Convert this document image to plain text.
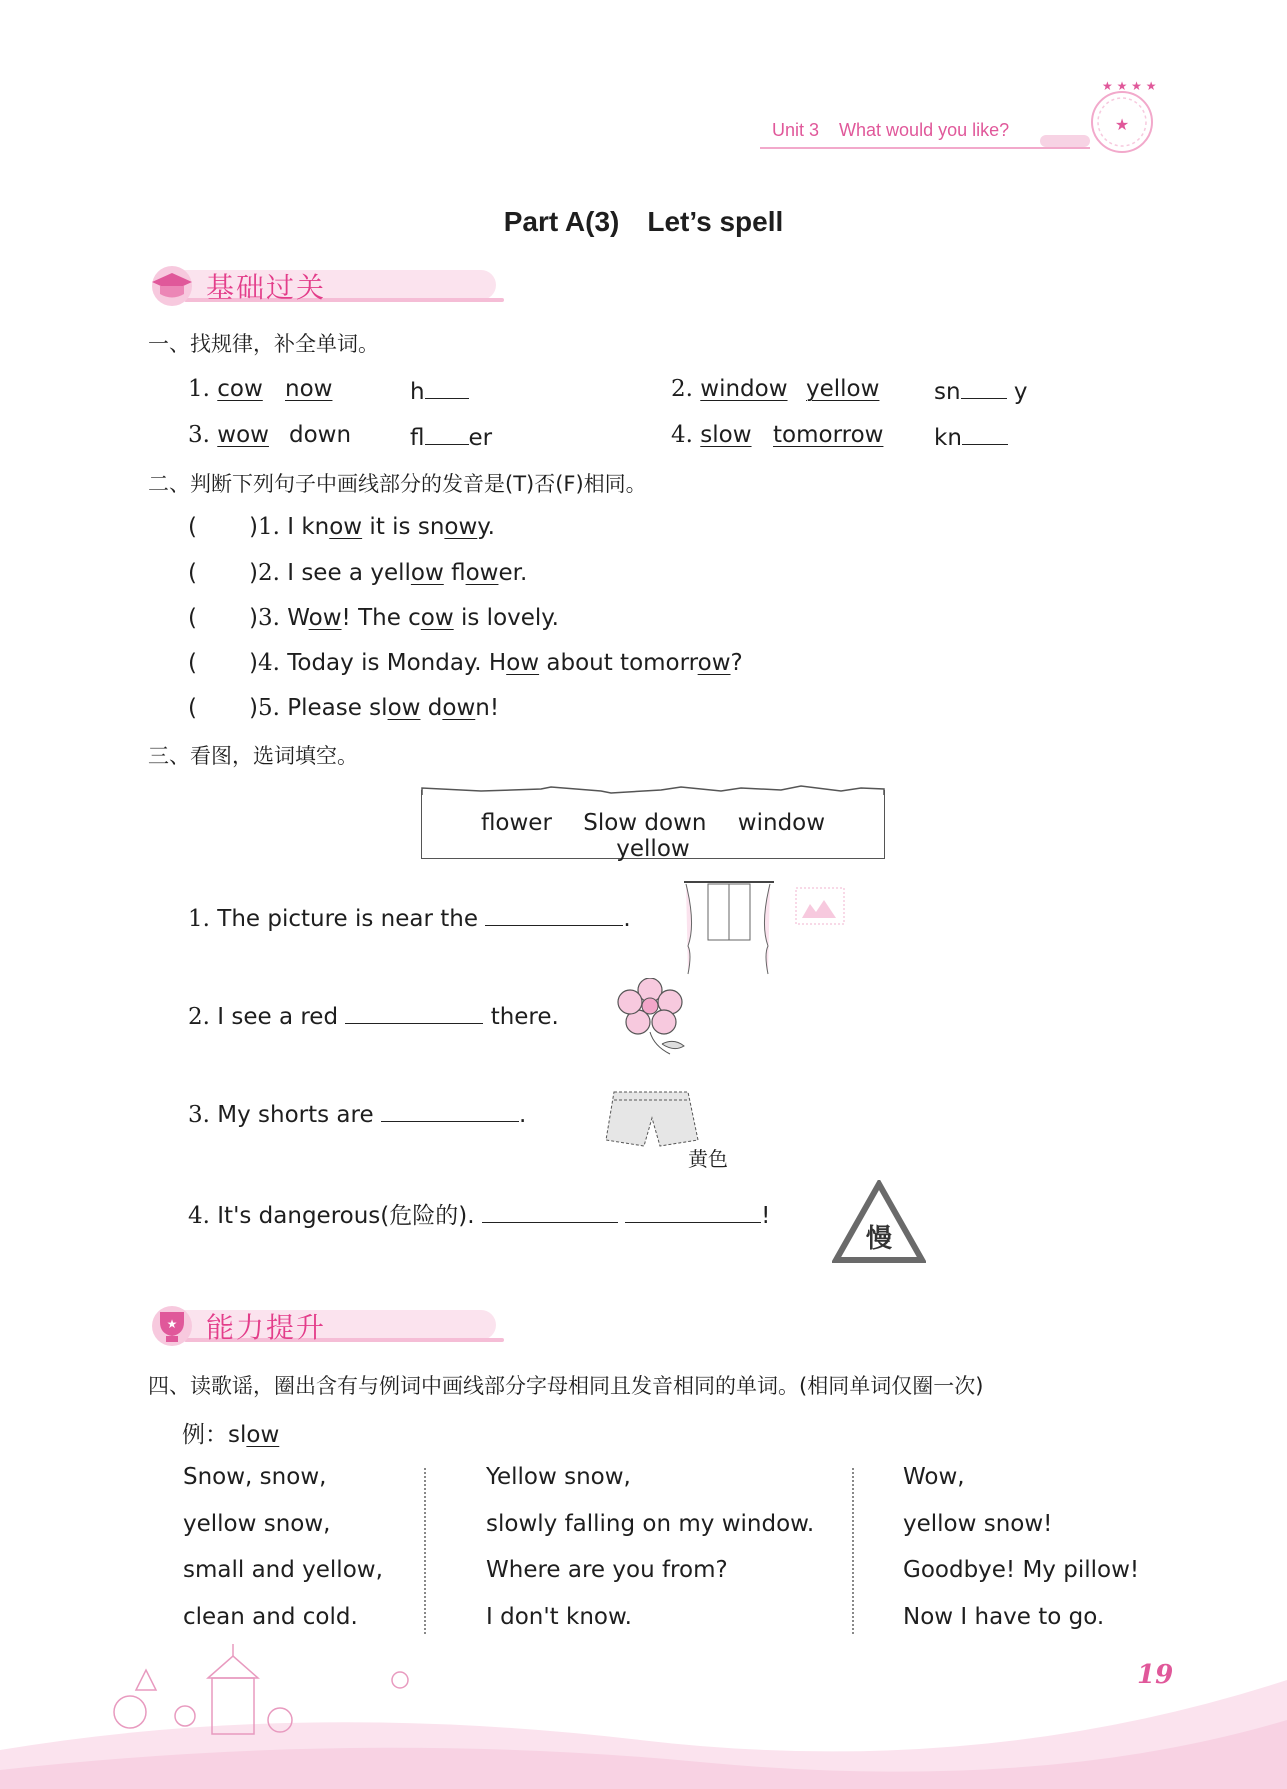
Unit 3 What would you like?	★
★ ★ ★ ★
Part A(3)　Let’s spell
基础过关
一、找规律，补全单词。
1. cow now	h	2. window yellow sn y
3. wow down	fl er	4. slow tomorrow kn
二、判断下列句子中画线部分的发音是(T)否(F)相同。
( )1. I know it is snowy.
( )2. I see a yellow flower.
( )3. Wow! The cow is lovely.
( )4. Today is Monday. How about tomorrow?
( )5. Please slow down!
三、看图，选词填空。
flower Slow down window yellow
1. The picture is near the	.
2. I see a red	there.
3. My shorts are	.
4. It's dangerous(危险的).	!
黄色
慢
★ 能力提升
四、读歌谣，圈出含有与例词中画线部分字母相同且发音相同的单词。(相同单词仅圈一次)
例：slow
Snow, snow,
yellow snow,
small and yellow,
clean and cold.
Yellow snow,
slowly falling on my window.
Where are you from?
I don't know.
Wow,
yellow snow!
Goodbye! My pillow!
Now I have to go.
19
